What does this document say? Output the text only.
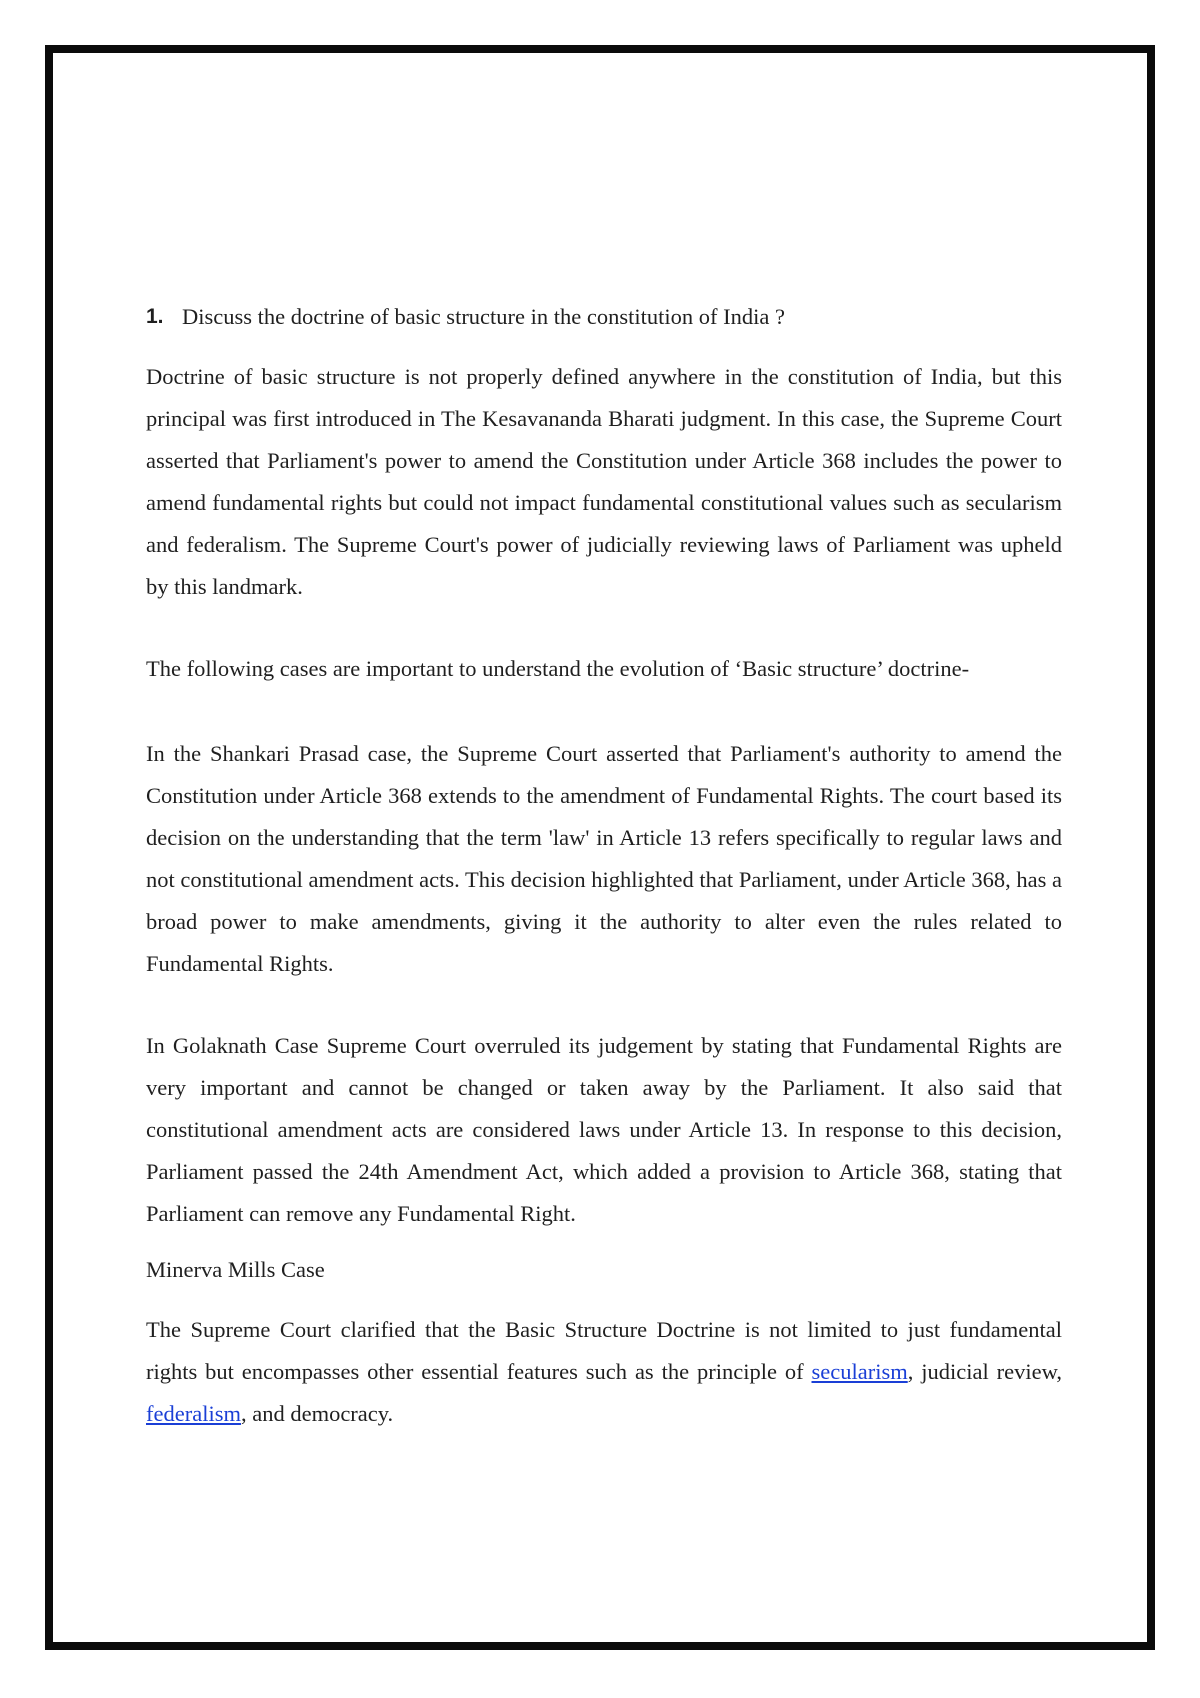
1. Discuss the doctrine of basic structure in the constitution of India ?

Doctrine of basic structure is not properly defined anywhere in the constitution of India, but this principal was first introduced in The Kesavananda Bharati judgment. In this case, the Supreme Court asserted that Parliament's power to amend the Constitution under Article 368 includes the power to amend fundamental rights but could not impact fundamental constitutional values such as secularism and federalism. The Supreme Court's power of judicially reviewing laws of Parliament was upheld by this landmark.

The following cases are important to understand the evolution of ‘Basic structure’ doctrine-

In the Shankari Prasad case, the Supreme Court asserted that Parliament's authority to amend the Constitution under Article 368 extends to the amendment of Fundamental Rights. The court based its decision on the understanding that the term 'law' in Article 13 refers specifically to regular laws and not constitutional amendment acts. This decision highlighted that Parliament, under Article 368, has a broad power to make amendments, giving it the authority to alter even the rules related to Fundamental Rights.

In Golaknath Case Supreme Court overruled its judgement by stating that Fundamental Rights are very important and cannot be changed or taken away by the Parliament. It also said that constitutional amendment acts are considered laws under Article 13. In response to this decision, Parliament passed the 24th Amendment Act, which added a provision to Article 368, stating that Parliament can remove any Fundamental Right.

Minerva Mills Case

The Supreme Court clarified that the Basic Structure Doctrine is not limited to just fundamental rights but encompasses other essential features such as the principle of secularism, judicial review, federalism, and democracy.
